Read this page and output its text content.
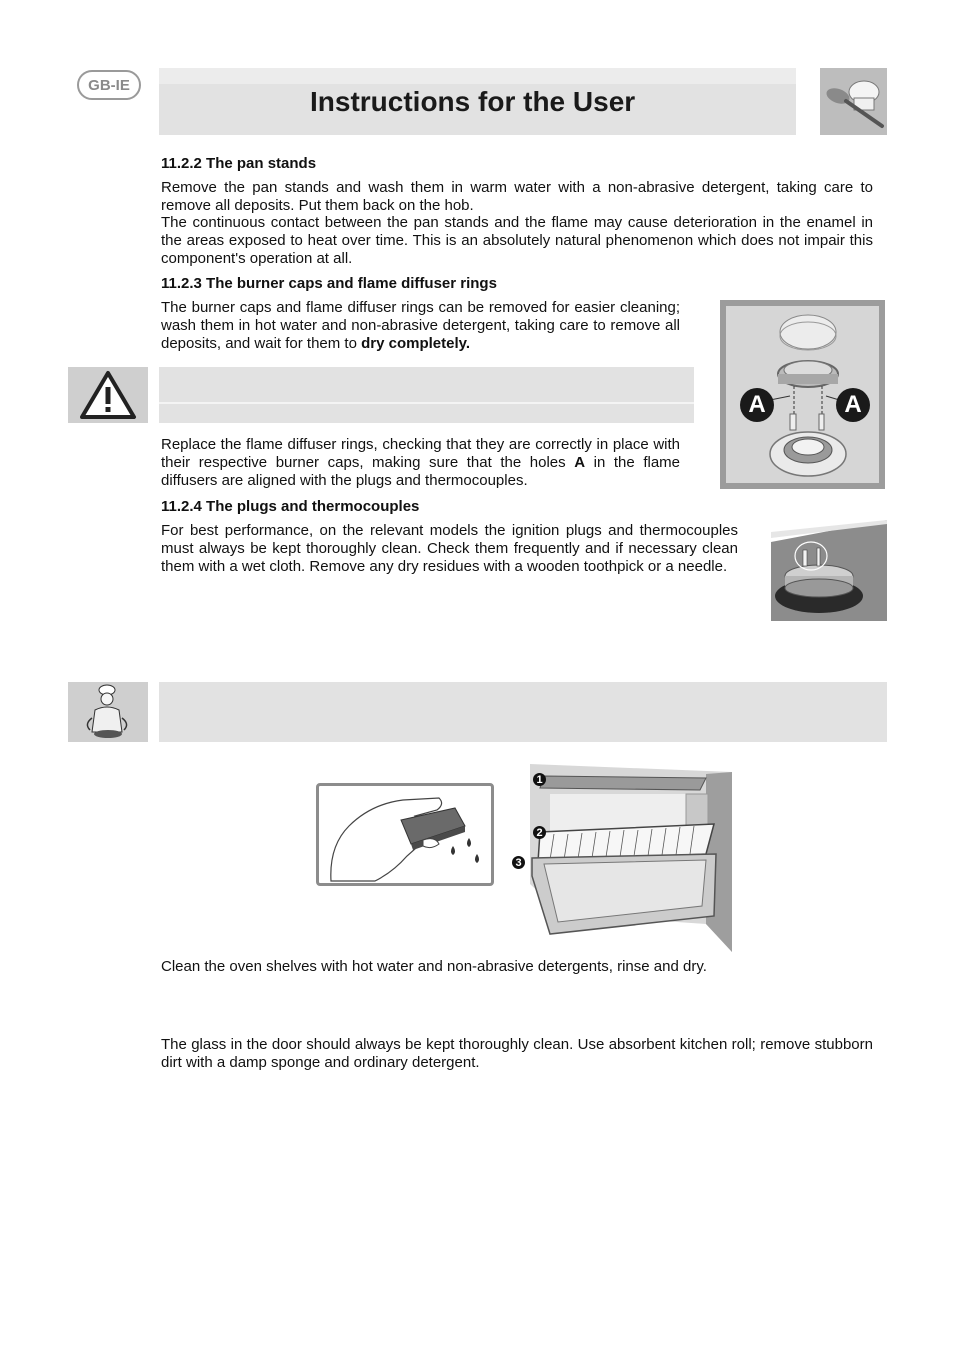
GB-IE
Instructions for the User
11.2.2 The pan stands
Remove the pan stands and wash them in warm water with a non-abrasive detergent, taking care to remove all deposits. Put them back on the hob.
The continuous contact between the pan stands and the flame may cause deterioration in the enamel in the areas exposed to heat over time. This is an absolutely natural phenomenon which does not impair this component's operation at all.
11.2.3 The burner caps and flame diffuser rings
The burner caps and flame diffuser rings can be removed for easier cleaning; wash them in hot water and non-abrasive detergent, taking care to remove all deposits, and wait for them to dry completely.
Replace the flame diffuser rings, checking that they are correctly in place with their respective burner caps, making sure that the holes A in the flame diffusers are aligned with the plugs and thermocouples.
A	A
11.2.4 The plugs and thermocouples
For best performance, on the relevant models the ignition plugs and thermocouples must always be kept thoroughly clean. Check them frequently and if necessary clean them with a wet cloth. Remove any dry residues with a wooden toothpick or a needle.
1
2
3
Clean the oven shelves with hot water and non-abrasive detergents, rinse and dry.
The glass in the door should always be kept thoroughly clean. Use absorbent kitchen roll; remove stubborn dirt with a damp sponge and ordinary detergent.
